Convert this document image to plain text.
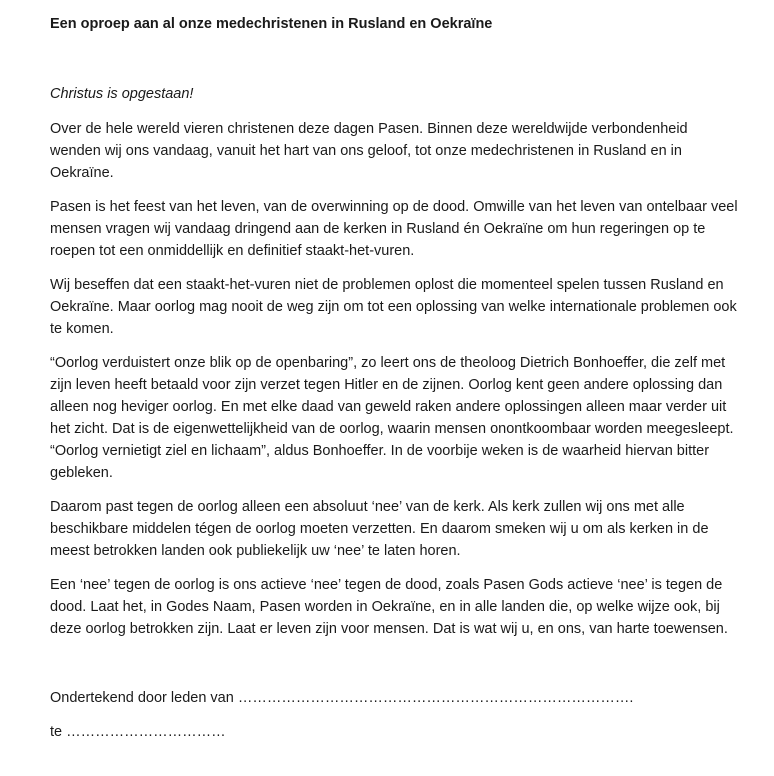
Een oproep aan al onze medechristenen in Rusland en Oekraïne

Christus is opgestaan!

Over de hele wereld vieren christenen deze dagen Pasen. Binnen deze wereldwijde verbondenheid wenden wij ons vandaag, vanuit het hart van ons geloof, tot onze medechristenen in Rusland en in Oekraïne.

Pasen is het feest van het leven, van de overwinning op de dood. Omwille van het leven van ontelbaar veel mensen vragen wij vandaag dringend aan de kerken in Rusland én Oekraïne om hun regeringen op te roepen tot een onmiddellijk en definitief staakt-het-vuren.

Wij beseffen dat een staakt-het-vuren niet de problemen oplost die momenteel spelen tussen Rusland en Oekraïne. Maar oorlog mag nooit de weg zijn om tot een oplossing van welke internationale problemen ook te komen.

“Oorlog verduistert onze blik op de openbaring”, zo leert ons de theoloog Dietrich Bonhoeffer, die zelf met zijn leven heeft betaald voor zijn verzet tegen Hitler en de zijnen. Oorlog kent geen andere oplossing dan alleen nog heviger oorlog. En met elke daad van geweld raken andere oplossingen alleen maar verder uit het zicht. Dat is de eigenwettelijkheid van de oorlog, waarin mensen onontkoombaar worden meegesleept. “Oorlog vernietigt ziel en lichaam”, aldus Bonhoeffer. In de voorbije weken is de waarheid hiervan bitter gebleken.

Daarom past tegen de oorlog alleen een absoluut ‘nee’ van de kerk. Als kerk zullen wij ons met alle beschikbare middelen tégen de oorlog moeten verzetten. En daarom smeken wij u om als kerken in de meest betrokken landen ook publiekelijk uw ‘nee’ te laten horen.

Een ‘nee’ tegen de oorlog is ons actieve ‘nee’ tegen de dood, zoals Pasen Gods actieve ‘nee’ is tegen de dood. Laat het, in Godes Naam, Pasen worden in Oekraïne, en in alle landen die, op welke wijze ook, bij deze oorlog betrokken zijn. Laat er leven zijn voor mensen. Dat is wat wij u, en ons, van harte toewensen.

Ondertekend door leden van ……………………………………………………………………….

te ……………………………
